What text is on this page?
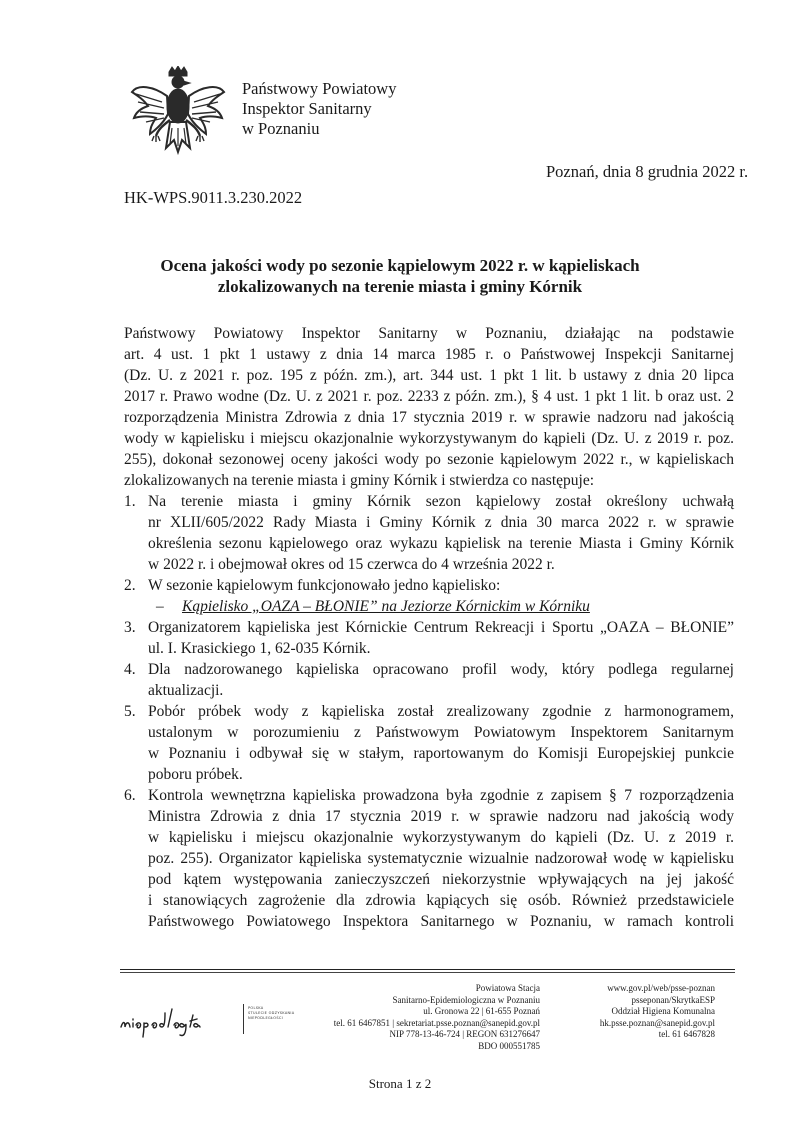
Państwowy Powiatowy
Inspektor Sanitarny
w Poznaniu
Poznań, dnia 8 grudnia 2022 r.
HK-WPS.9011.3.230.2022
Ocena jakości wody po sezonie kąpielowym 2022 r. w kąpieliskach
zlokalizowanych na terenie miasta i gminy Kórnik
Państwowy Powiatowy Inspektor Sanitarny w Poznaniu, działając na podstawie
art. 4 ust. 1 pkt 1 ustawy z dnia 14 marca 1985 r. o Państwowej Inspekcji Sanitarnej
(Dz. U. z 2021 r. poz. 195 z późn. zm.), art. 344 ust. 1 pkt 1 lit. b ustawy z dnia 20 lipca
2017 r. Prawo wodne (Dz. U. z 2021 r. poz. 2233 z późn. zm.), § 4 ust. 1 pkt 1 lit. b oraz ust. 2
rozporządzenia Ministra Zdrowia z dnia 17 stycznia 2019 r. w sprawie nadzoru nad jakością
wody w kąpielisku i miejscu okazjonalnie wykorzystywanym do kąpieli (Dz. U. z 2019 r. poz.
255), dokonał sezonowej oceny jakości wody po sezonie kąpielowym 2022 r., w kąpieliskach
zlokalizowanych na terenie miasta i gminy Kórnik i stwierdza co następuje:
1. Na terenie miasta i gminy Kórnik sezon kąpielowy został określony uchwałą
nr XLII/605/2022 Rady Miasta i Gminy Kórnik z dnia 30 marca 2022 r. w sprawie
określenia sezonu kąpielowego oraz wykazu kąpielisk na terenie Miasta i Gminy Kórnik
w 2022 r. i obejmował okres od 15 czerwca do 4 września 2022 r.
2. W sezonie kąpielowym funkcjonowało jedno kąpielisko:
– Kąpielisko „OAZA – BŁONIE” na Jeziorze Kórnickim w Kórniku
3. Organizatorem kąpieliska jest Kórnickie Centrum Rekreacji i Sportu „OAZA – BŁONIE”
ul. I. Krasickiego 1, 62-035 Kórnik.
4. Dla nadzorowanego kąpieliska opracowano profil wody, który podlega regularnej
aktualizacji.
5. Pobór próbek wody z kąpieliska został zrealizowany zgodnie z harmonogramem,
ustalonym w porozumieniu z Państwowym Powiatowym Inspektorem Sanitarnym
w Poznaniu i odbywał się w stałym, raportowanym do Komisji Europejskiej punkcie
poboru próbek.
6. Kontrola wewnętrzna kąpieliska prowadzona była zgodnie z zapisem § 7 rozporządzenia
Ministra Zdrowia z dnia 17 stycznia 2019 r. w sprawie nadzoru nad jakością wody
w kąpielisku i miejscu okazjonalnie wykorzystywanym do kąpieli (Dz. U. z 2019 r.
poz. 255). Organizator kąpieliska systematycznie wizualnie nadzorował wodę w kąpielisku
pod kątem występowania zanieczyszczeń niekorzystnie wpływających na jej jakość
i stanowiących zagrożenie dla zdrowia kąpiących się osób. Również przedstawiciele
Państwowego Powiatowego Inspektora Sanitarnego w Poznaniu, w ramach kontroli
POLSKA
STULECIE ODZYSKANIA
NIEPODLEGŁOŚCI
Powiatowa Stacja
Sanitarno-Epidemiologiczna w Poznaniu
ul. Gronowa 22 | 61-655 Poznań
tel. 61 6467851 | sekretariat.psse.poznan@sanepid.gov.pl
NIP 778-13-46-724 | REGON 631276647
BDO 000551785
www.gov.pl/web/psse-poznan
psseponan/SkrytkaESP
Oddział Higiena Komunalna
hk.psse.poznan@sanepid.gov.pl
tel. 61 6467828
Strona 1 z 2
